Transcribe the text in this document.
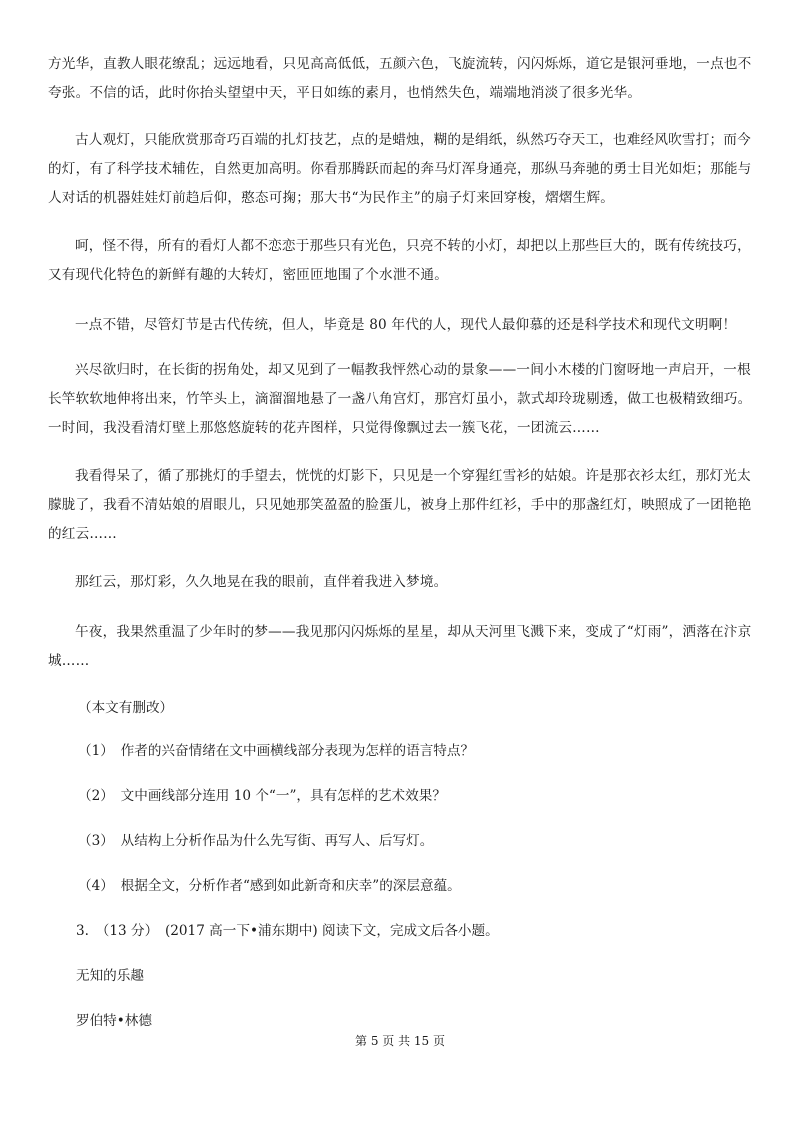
方光华，直教人眼花缭乱；远远地看，只见高高低低，五颜六色，飞旋流转，闪闪烁烁，道它是银河垂地，一点也不夸张。不信的话，此时你抬头望望中天，平日如练的素月，也悄然失色，端端地消淡了很多光华。

古人观灯，只能欣赏那奇巧百端的扎灯技艺，点的是蜡烛，糊的是绢纸，纵然巧夺天工，也难经风吹雪打；而今的灯，有了科学技术辅佐，自然更加高明。你看那腾跃而起的奔马灯浑身通亮，那纵马奔驰的勇士目光如炬；那能与人对话的机器娃娃灯前趋后仰，憨态可掬；那大书“为民作主”的扇子灯来回穿梭，熠熠生辉。

呵，怪不得，所有的看灯人都不恋恋于那些只有光色，只亮不转的小灯，却把以上那些巨大的，既有传统技巧，又有现代化特色的新鲜有趣的大转灯，密匝匝地围了个水泄不通。

一点不错，尽管灯节是古代传统，但人，毕竟是 80 年代的人，现代人最仰慕的还是科学技术和现代文明啊！

兴尽欲归时，在长街的拐角处，却又见到了一幅教我怦然心动的景象——一间小木楼的门窗呀地一声启开，一根长竿软软地伸将出来，竹竿头上，滴溜溜地悬了一盏八角宫灯，那宫灯虽小，款式却玲珑剔透，做工也极精致细巧。一时间，我没看清灯壁上那悠悠旋转的花卉图样，只觉得像飘过去一簇飞花，一团流云……

我看得呆了，循了那挑灯的手望去，恍恍的灯影下，只见是一个穿猩红雪衫的姑娘。许是那衣衫太红，那灯光太朦胧了，我看不清姑娘的眉眼儿，只见她那笑盈盈的脸蛋儿，被身上那件红衫，手中的那盏红灯，映照成了一团艳艳的红云……

那红云，那灯彩，久久地晃在我的眼前，直伴着我进入梦境。

午夜，我果然重温了少年时的梦——我见那闪闪烁烁的星星，却从天河里飞溅下来，变成了“灯雨”，洒落在汴京城……

（本文有删改）

（1）　作者的兴奋情绪在文中画横线部分表现为怎样的语言特点？

（2）　文中画线部分连用 10 个“一”，具有怎样的艺术效果？

（3）　从结构上分析作品为什么先写街、再写人、后写灯。

（4）　根据全文，分析作者“感到如此新奇和庆幸”的深层意蕴。

3.　（13 分）　(2017 高一下•浦东期中) 阅读下文，完成文后各小题。

无知的乐趣

罗伯特•林德

第 5 页 共 15 页
